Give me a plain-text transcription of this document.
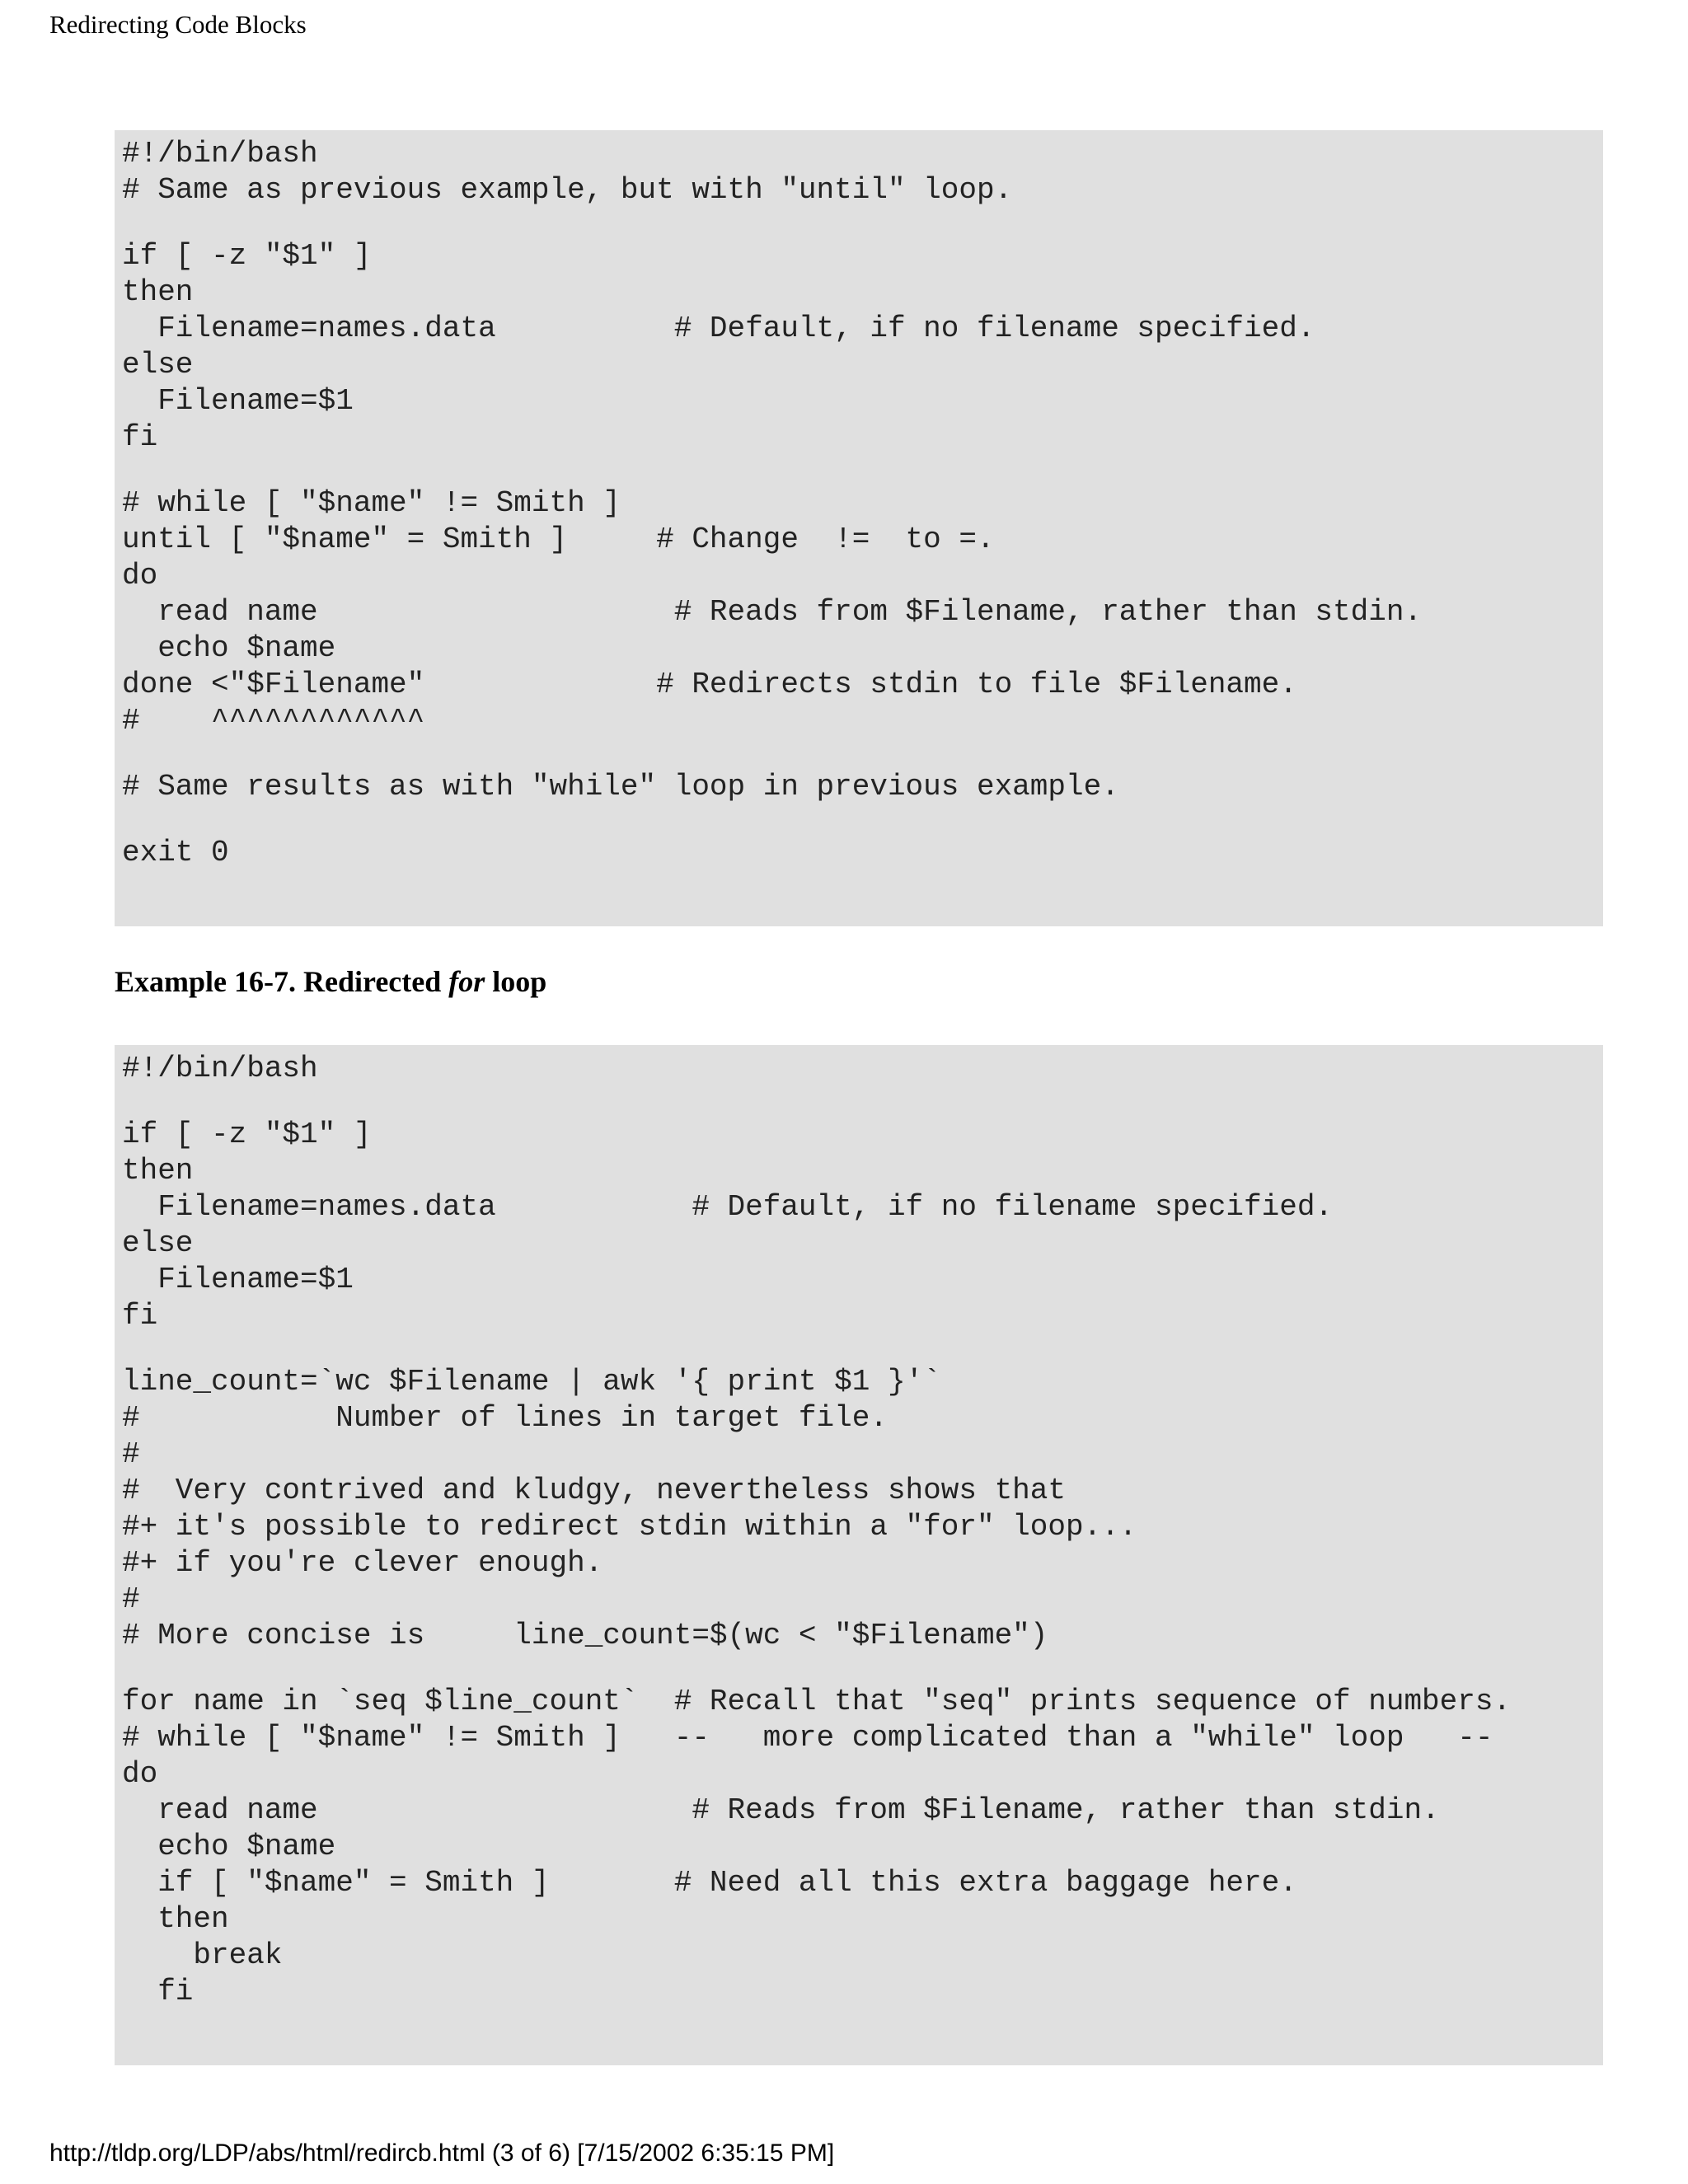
Redirecting Code Blocks
#!/bin/bash
# Same as previous example, but with "until" loop.
if [ -z "$1" ]
then
Filename=names.data          # Default, if no filename specified.
else
Filename=$1
fi
# while [ "$name" != Smith ]
until [ "$name" = Smith ]     # Change  !=  to =.
do
read name                    # Reads from $Filename, rather than stdin.
echo $name
done <"$Filename"             # Redirects stdin to file $Filename.
#    ^^^^^^^^^^^^
# Same results as with "while" loop in previous example.
exit 0
Example 16-7. Redirected for loop
#!/bin/bash
if [ -z "$1" ]
then
Filename=names.data           # Default, if no filename specified.
else
Filename=$1
fi
line_count=`wc $Filename | awk '{ print $1 }'`
#           Number of lines in target file.
#
#  Very contrived and kludgy, nevertheless shows that
#+ it's possible to redirect stdin within a "for" loop...
#+ if you're clever enough.
#
# More concise is     line_count=$(wc < "$Filename")

for name in `seq $line_count`  # Recall that "seq" prints sequence of numbers.
# while [ "$name" != Smith ]   --   more complicated than a "while" loop   --
do
read name                     # Reads from $Filename, rather than stdin.
echo $name
if [ "$name" = Smith ]       # Need all this extra baggage here.
then
break
fi
http://tldp.org/LDP/abs/html/redircb.html (3 of 6) [7/15/2002 6:35:15 PM]
